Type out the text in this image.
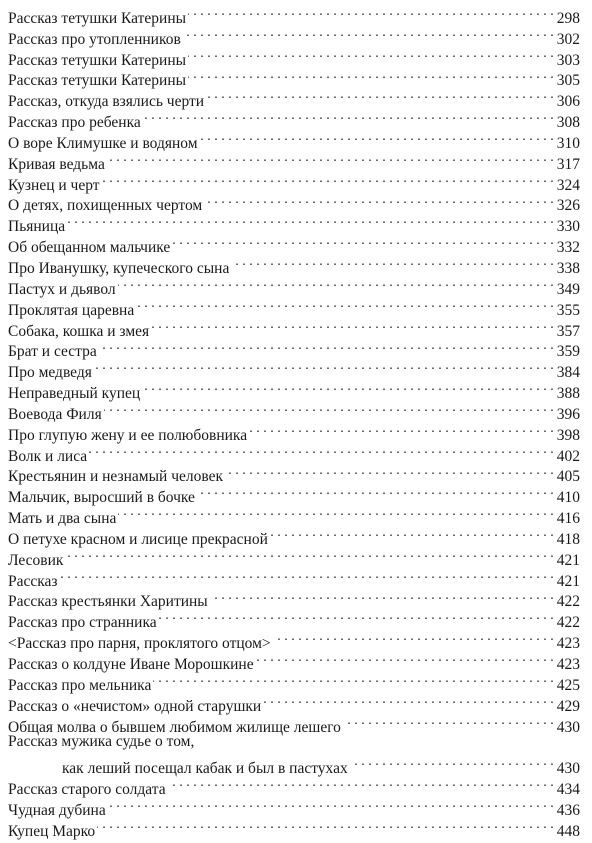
Рассказ тетушки Катерины . . .	298
Рассказ про утопленников . . .	302
Рассказ тетушки Катерины . . .	303
Рассказ тетушки Катерины . . .	305
Рассказ, откуда взялись черти . . .	306
Рассказ про ребенка . . .	308
О воре Климушке и водяном . . .	310
Кривая ведьма . . .	317
Кузнец и черт . . .	324
О детях, похищенных чертом . . .	326
Пьяница . . .	330
Об обещанном мальчике . . .	332
Про Иванушку, купеческого сына . . .	338
Пастух и дьявол . . .	349
Проклятая царевна . . .	355
Собака, кошка и змея . . .	357
Брат и сестра . . .	359
Про медведя . . .	384
Неправедный купец . . .	388
Воевода Филя . . .	396
Про глупую жену и ее полюбовника . . .	398
Волк и лиса . . .	402
Крестьянин и незнамый человек . . .	405
Мальчик, выросший в бочке . . .	410
Мать и два сына . . .	416
О петухе красном и лисице прекрасной . . .	418
Лесовик . . .	421
Рассказ . . .	421
Рассказ крестьянки Харитины . . .	422
Рассказ про странника . . .	422
<Рассказ про парня, проклятого отцом> . . .	423
Рассказ о колдуне Иване Морошкине . . .	423
Рассказ про мельника . . .	425
Рассказ о «нечистом» одной старушки . . .	429
Общая молва о бывшем любимом жилище лешего . . .	430
Рассказ мужика судье о том,
как леший посещал кабак и был в пастухах . . .	430
Рассказ старого солдата . . .	434
Чудная дубина . . .	436
Купец Марко . . .	448
